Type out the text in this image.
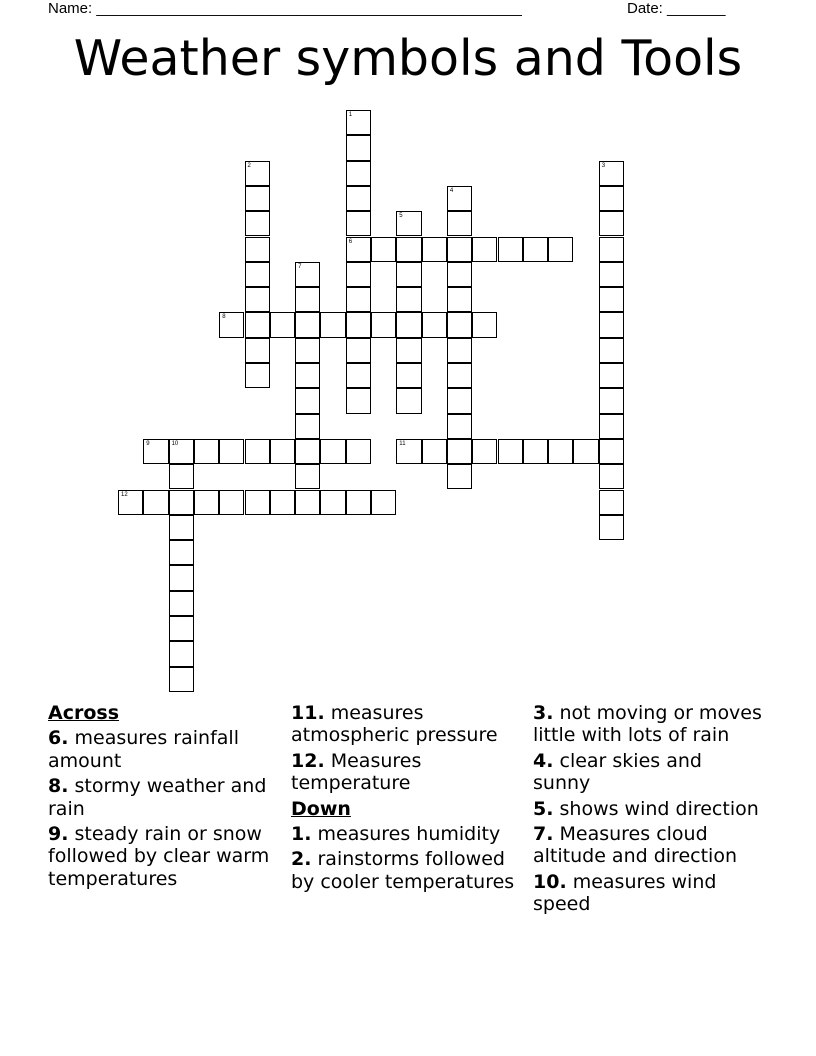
Name: ___________________________________________________	Date: _______
Weather symbols and Tools
1
6
2	3
4
5
7
8
9	10	11
12
Across
6. measures rainfall amount
8. stormy weather and rain
9. steady rain or snow followed by clear warm temperatures
11. measures atmospheric pressure
12. Measures temperature
Down
1. measures humidity
2. rainstorms followed by cooler temperatures
3. not moving or moves little with lots of rain
4. clear skies and sunny
5. shows wind direction
7. Measures cloud altitude and direction
10. measures wind speed
